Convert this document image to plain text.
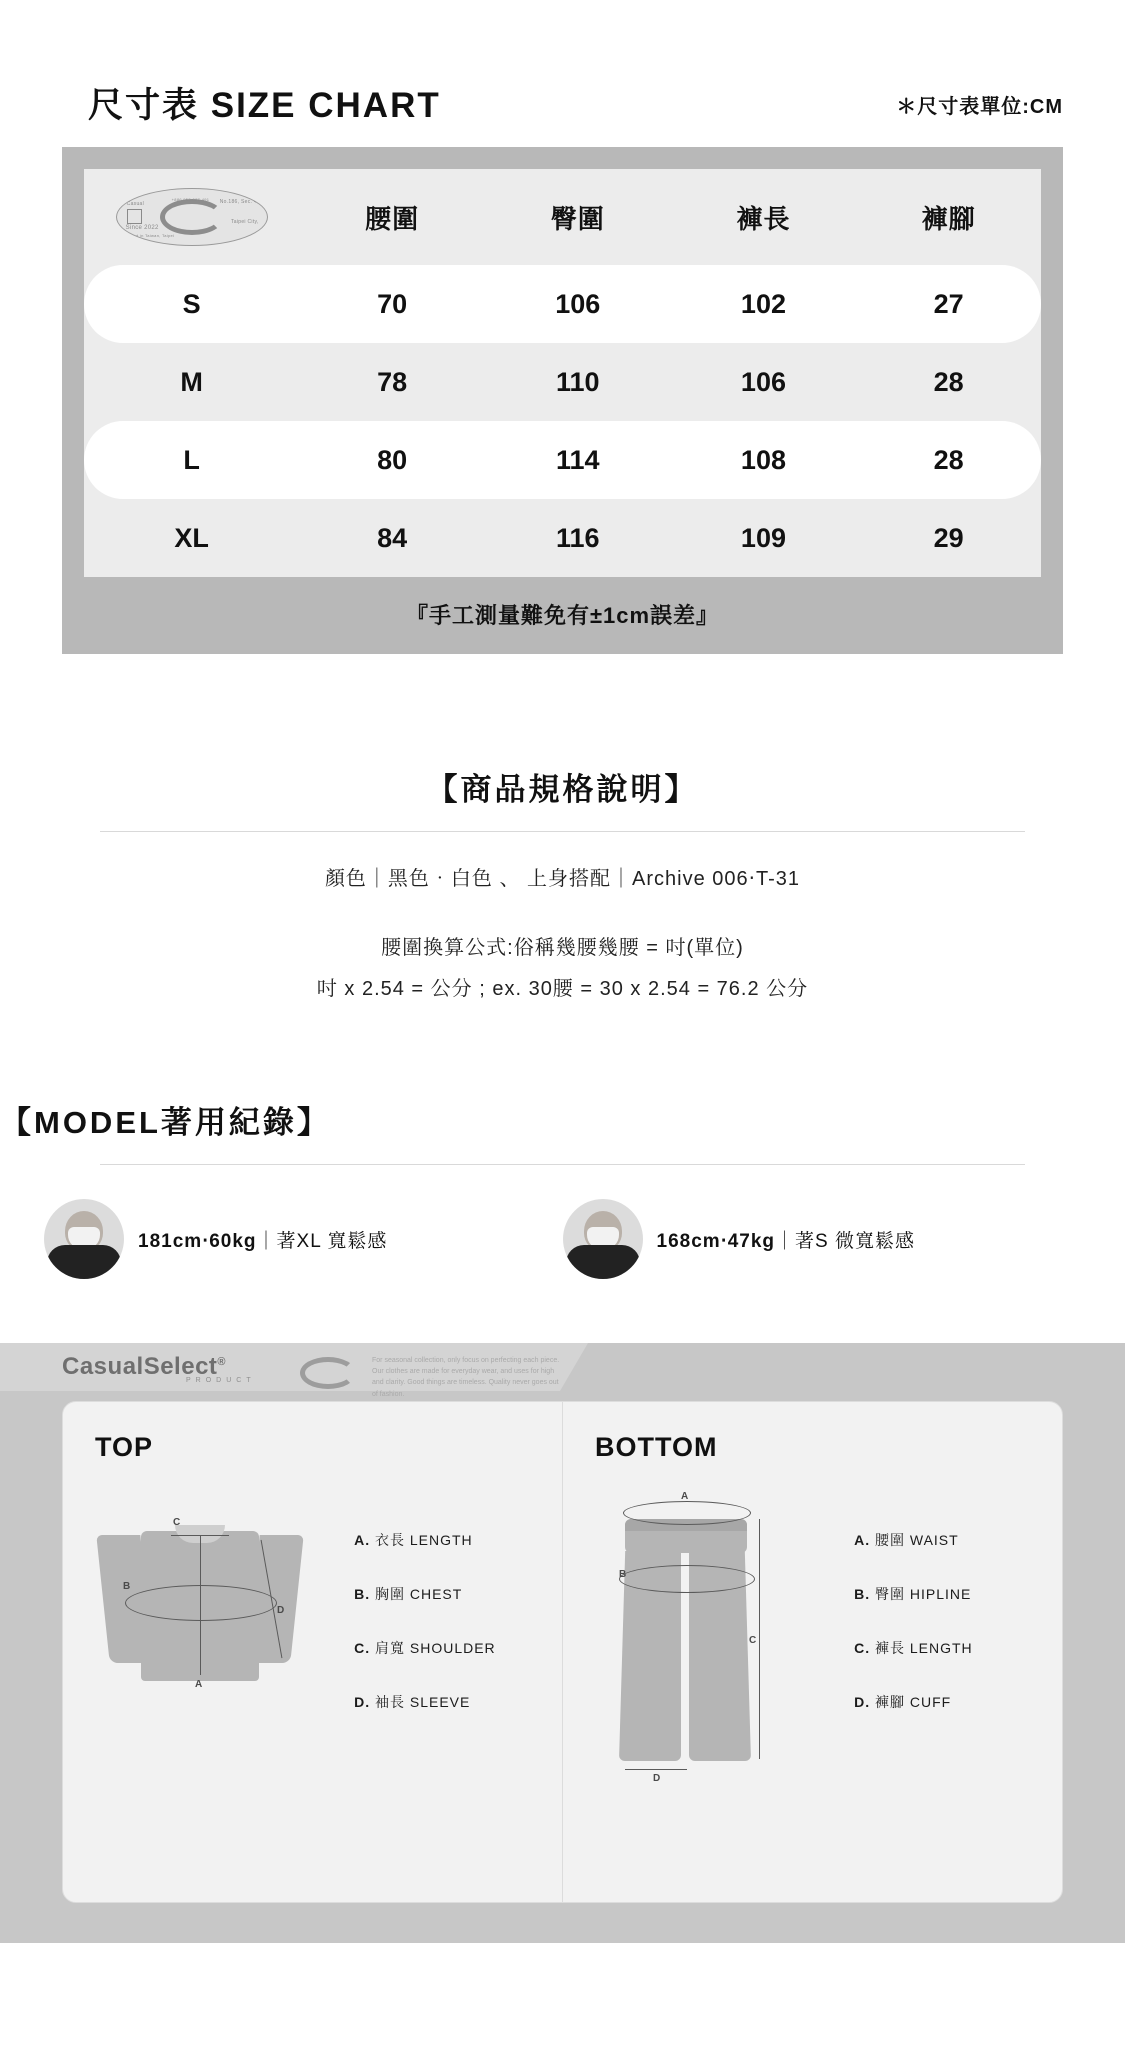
尺寸表 SIZE CHART	＊尺寸表單位:CM
+886 953-087-491
Casual
Since 2022
Based in Taiwan, Taipei
No.186, Sec. 4,
Taipei City,	腰圍	臀圍	褲長	褲腳
S	70	106	102	27
M	78	110	106	28
L	80	114	108	28
XL	84	116	109	29
『手工測量難免有±1cm誤差』
【商品規格說明】
顏色｜黑色‧白色 、 上身搭配｜Archive 006‧T-31
腰圍換算公式:俗稱幾腰幾腰 = 吋(單位)
吋 x 2.54 = 公分 ; ex. 30腰 = 30 x 2.54 = 76.2 公分
【MODEL著用紀錄】
181cm‧60kg｜著XL 寬鬆感	168cm‧47kg｜著S 微寬鬆感
CasualSelect®
PRODUCT
For seasonal collection, only focus on perfecting each piece. Our clothes are made for everyday wear, and uses for high and clarity. Good things are timeless. Quality never goes out of fashion.
TOP
A
B
C
D
A. 衣長 LENGTH
B. 胸圍 CHEST
C. 肩寬 SHOULDER
D. 袖長 SLEEVE
BOTTOM
A
B
C
D
A. 腰圍 WAIST
B. 臀圍 HIPLINE
C. 褲長 LENGTH
D. 褲腳 CUFF
